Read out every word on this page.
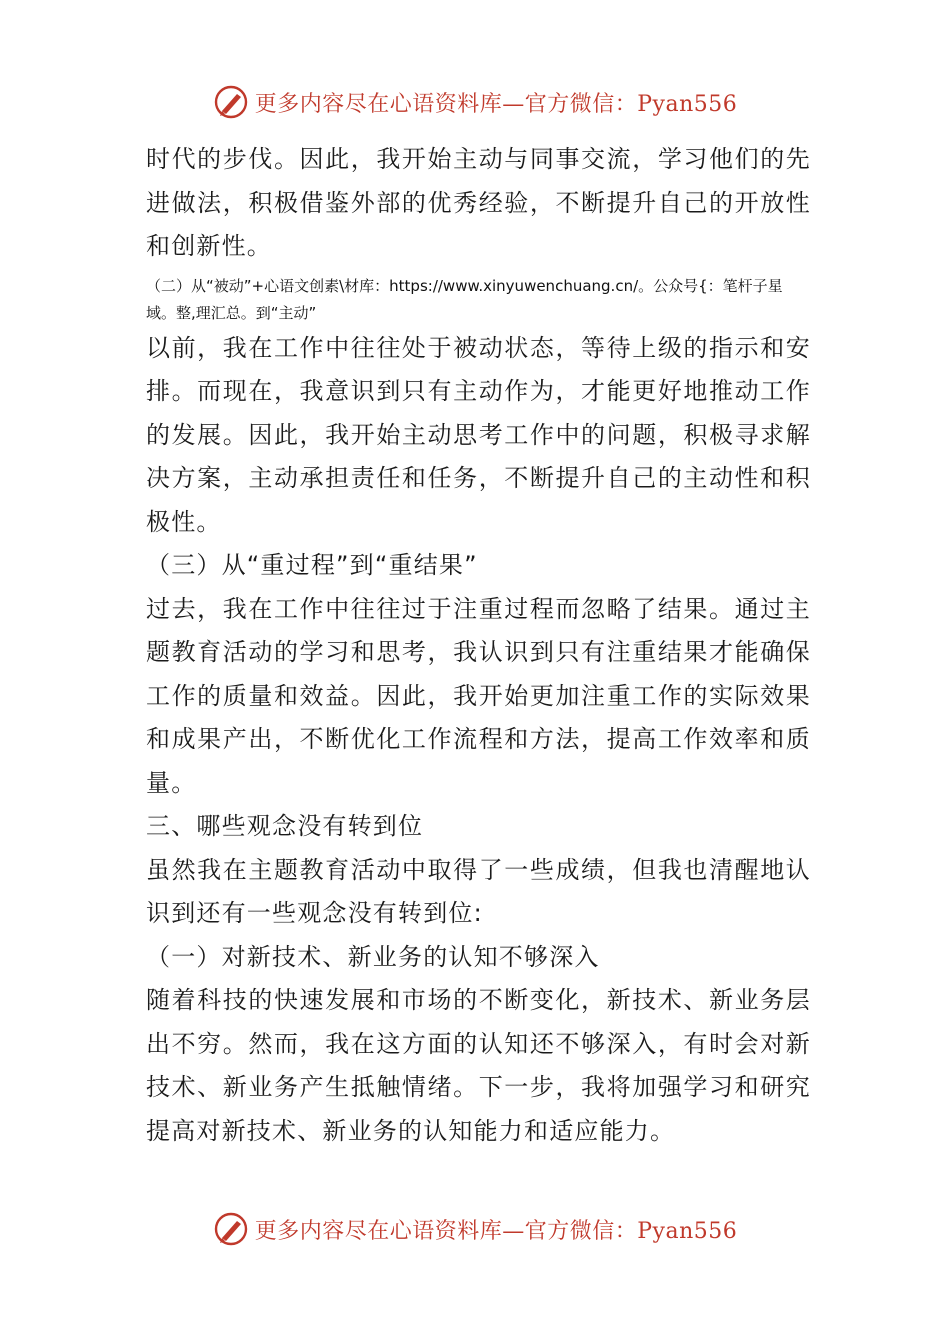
更多内容尽在心语资料库—官方微信：Pyan556

时代的步伐。因此，我开始主动与同事交流，学习他们的先进做法，积极借鉴外部的优秀经验，不断提升自己的开放性和创新性。

（二）从“被动”+心语文创素\材库：https://www.xinyuwenchuang.cn/。公众号{：笔杆子星域。整,理汇总。到“主动”

以前，我在工作中往往处于被动状态，等待上级的指示和安排。而现在，我意识到只有主动作为，才能更好地推动工作的发展。因此，我开始主动思考工作中的问题，积极寻求解决方案，主动承担责任和任务，不断提升自己的主动性和积极性。

（三）从“重过程”到“重结果”

过去，我在工作中往往过于注重过程而忽略了结果。通过主题教育活动的学习和思考，我认识到只有注重结果才能确保工作的质量和效益。因此，我开始更加注重工作的实际效果和成果产出，不断优化工作流程和方法，提高工作效率和质量。

三、哪些观念没有转到位

虽然我在主题教育活动中取得了一些成绩，但我也清醒地认识到还有一些观念没有转到位:

（一）对新技术、新业务的认知不够深入

随着科技的快速发展和市场的不断变化，新技术、新业务层出不穷。然而，我在这方面的认知还不够深入，有时会对新技术、新业务产生抵触情绪。下一步，我将加强学习和研究提高对新技术、新业务的认知能力和适应能力。

更多内容尽在心语资料库—官方微信：Pyan556
